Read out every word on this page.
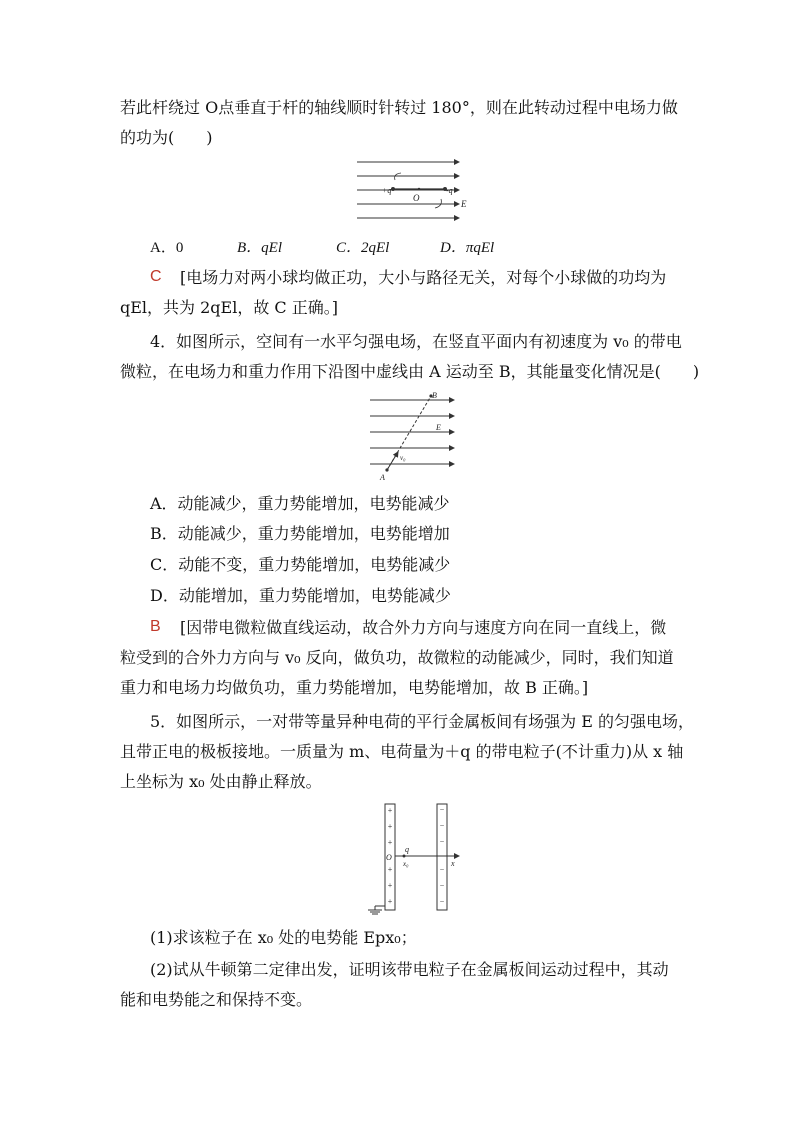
若此杆绕过 O点垂直于杆的轴线顺时针转过 180°，则在此转动过程中电场力做
的功为(　　)
+q	-q
O
E
A．0	B．qEl	C．2qEl	D．πqEl
C [电场力对两小球均做正功，大小与路径无关，对每个小球做的功均为
qEl，共为 2qEl，故 C 正确。]
4．如图所示，空间有一水平匀强电场，在竖直平面内有初速度为 v₀ 的带电
微粒，在电场力和重力作用下沿图中虚线由 A 运动至 B，其能量变化情况是(　　)
A
B
E
v₀
A．动能减少，重力势能增加，电势能减少
B．动能减少，重力势能增加，电势能增加
C．动能不变，重力势能增加，电势能减少
D．动能增加，重力势能增加，电势能减少
B [因带电微粒做直线运动，故合外力方向与速度方向在同一直线上，微
粒受到的合外力方向与 v₀ 反向，做负功，故微粒的动能减少，同时，我们知道
重力和电场力均做负功，重力势能增加，电势能增加，故 B 正确。]
5．如图所示，一对带等量异种电荷的平行金属板间有场强为 E 的匀强电场，
且带正电的极板接地。一质量为 m、电荷量为＋q 的带电粒子(不计重力)从 x 轴
上坐标为 x₀ 处由静止释放。
+
+
+
+
+
+
−
−
−
−
−
−
O
q
x₀	x
(1)求该粒子在 x₀ 处的电势能 Epx₀；
(2)试从牛顿第二定律出发，证明该带电粒子在金属板间运动过程中，其动
能和电势能之和保持不变。
